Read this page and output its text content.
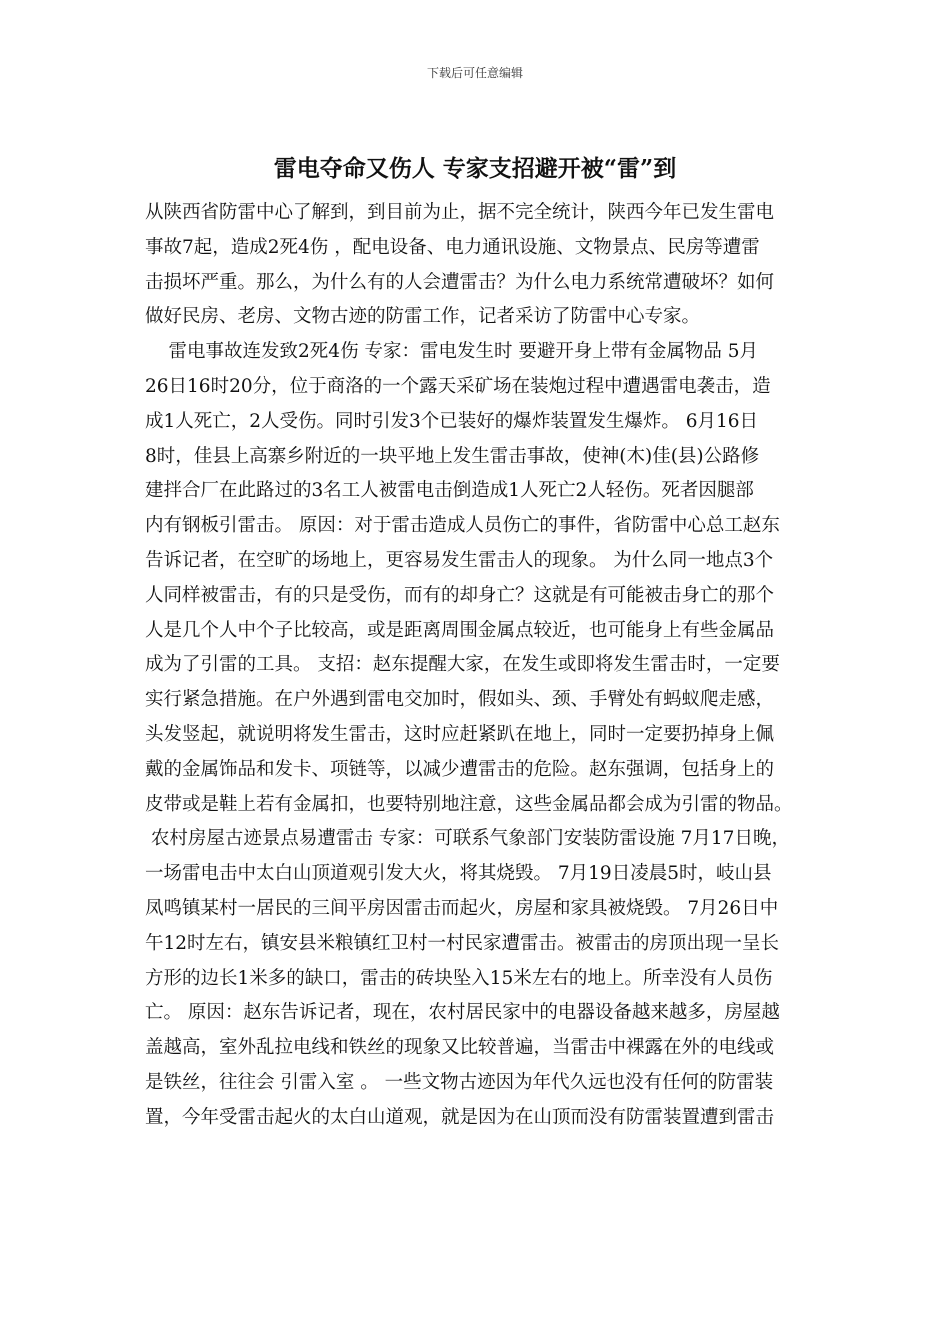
下载后可任意编辑
雷电夺命又伤人 专家支招避开被“雷”到
从陕西省防雷中心了解到，到目前为止，据不完全统计，陕西今年已发生雷电
事故7起，造成2死4伤 ，配电设备、电力通讯设施、文物景点、民房等遭雷
击损坏严重。那么，为什么有的人会遭雷击？为什么电力系统常遭破坏？如何
做好民房、老房、文物古迹的防雷工作，记者采访了防雷中心专家。
雷电事故连发致2死4伤 专家：雷电发生时 要避开身上带有金属物品 5月
26日16时20分，位于商洛的一个露天采矿场在装炮过程中遭遇雷电袭击，造
成1人死亡，2人受伤。同时引发3个已装好的爆炸装置发生爆炸。 6月16日
8时，佳县上高寨乡附近的一块平地上发生雷击事故，使神(木)佳(县)公路修
建拌合厂在此路过的3名工人被雷电击倒造成1人死亡2人轻伤。死者因腿部
内有钢板引雷击。 原因：对于雷击造成人员伤亡的事件，省防雷中心总工赵东
告诉记者，在空旷的场地上，更容易发生雷击人的现象。 为什么同一地点3个
人同样被雷击，有的只是受伤，而有的却身亡？这就是有可能被击身亡的那个
人是几个人中个子比较高，或是距离周围金属点较近，也可能身上有些金属品
成为了引雷的工具。 支招：赵东提醒大家，在发生或即将发生雷击时，一定要
实行紧急措施。在户外遇到雷电交加时，假如头、颈、手臂处有蚂蚁爬走感，
头发竖起，就说明将发生雷击，这时应赶紧趴在地上，同时一定要扔掉身上佩
戴的金属饰品和发卡、项链等，以减少遭雷击的危险。赵东强调，包括身上的
皮带或是鞋上若有金属扣，也要特别地注意，这些金属品都会成为引雷的物品。
农村房屋古迹景点易遭雷击 专家：可联系气象部门安装防雷设施 7月17日晚，
一场雷电击中太白山顶道观引发大火，将其烧毁。 7月19日凌晨5时，岐山县
凤鸣镇某村一居民的三间平房因雷击而起火，房屋和家具被烧毁。 7月26日中
午12时左右，镇安县米粮镇红卫村一村民家遭雷击。被雷击的房顶出现一呈长
方形的边长1米多的缺口，雷击的砖块坠入15米左右的地上。所幸没有人员伤
亡。 原因：赵东告诉记者，现在，农村居民家中的电器设备越来越多，房屋越
盖越高，室外乱拉电线和铁丝的现象又比较普遍，当雷击中裸露在外的电线或
是铁丝，往往会 引雷入室 。 一些文物古迹因为年代久远也没有任何的防雷装
置，今年受雷击起火的太白山道观，就是因为在山顶而没有防雷装置遭到雷击
